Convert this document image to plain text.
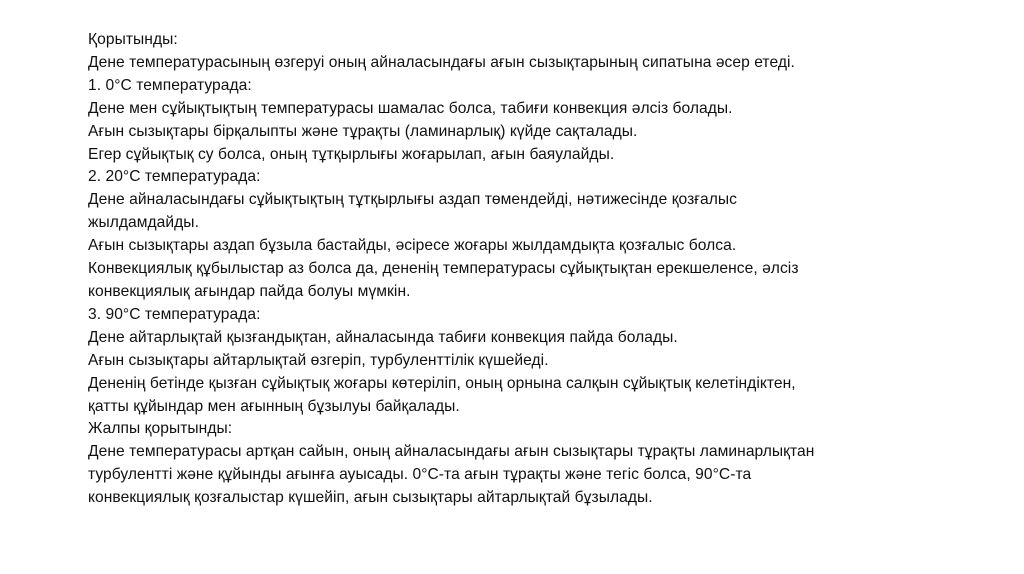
Қорытынды:
Дене температурасының өзгеруі оның айналасындағы ағын сызықтарының сипатына әсер етеді.
1. 0°C температурада:
Дене мен сұйықтықтың температурасы шамалас болса, табиғи конвекция әлсіз болады.
Ағын сызықтары бірқалыпты және тұрақты (ламинарлық) күйде сақталады.
Егер сұйықтық су болса, оның тұтқырлығы жоғарылап, ағын баяулайды.
2. 20°C температурада:
Дене айналасындағы сұйықтықтың тұтқырлығы аздап төмендейді, нәтижесінде қозғалыс
жылдамдайды.
Ағын сызықтары аздап бұзыла бастайды, әсіресе жоғары жылдамдықта қозғалыс болса.
Конвекциялық құбылыстар аз болса да, дененің температурасы сұйықтықтан ерекшеленсе, әлсіз
конвекциялық ағындар пайда болуы мүмкін.
3. 90°C температурада:
Дене айтарлықтай қызғандықтан, айналасында табиғи конвекция пайда болады.
Ағын сызықтары айтарлықтай өзгеріп, турбуленттілік күшейеді.
Дененің бетінде қызған сұйықтық жоғары көтеріліп, оның орнына салқын сұйықтық келетіндіктен,
қатты құйындар мен ағынның бұзылуы байқалады.
Жалпы қорытынды:
Дене температурасы артқан сайын, оның айналасындағы ағын сызықтары тұрақты ламинарлықтан
турбулентті және құйынды ағынға ауысады. 0°C-та ағын тұрақты және тегіс болса, 90°C-та
конвекциялық қозғалыстар күшейіп, ағын сызықтары айтарлықтай бұзылады.
